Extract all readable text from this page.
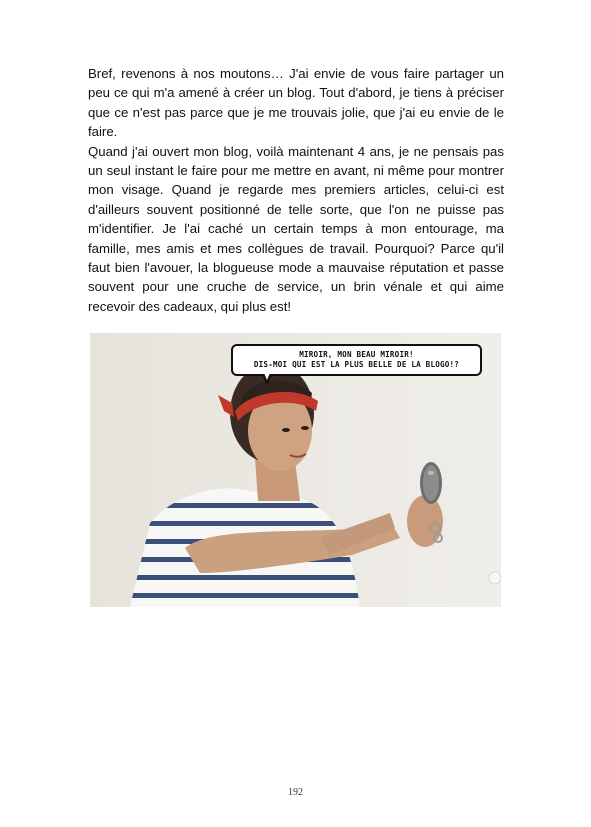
Bref, revenons à nos moutons… J'ai envie de vous faire partager un peu ce qui m'a amené à créer un blog. Tout d'abord, je tiens à préciser que ce n'est pas parce que je me trouvais jolie, que j'ai eu envie de le faire.

Quand j'ai ouvert mon blog, voilà maintenant 4 ans, je ne pensais pas un seul instant le faire pour me mettre en avant, ni même pour montrer mon visage. Quand je regarde mes premiers articles, celui-ci est d'ailleurs souvent positionné de telle sorte, que l'on ne puisse pas m'identifier. Je l'ai caché un certain temps à mon entourage, ma famille, mes amis et mes collègues de travail. Pourquoi? Parce qu'il faut bien l'avouer, la blogueuse mode a mauvaise réputation et passe souvent pour une cruche de service, un brin vénale et qui aime recevoir des cadeaux, qui plus est!

MIROIR, MON BEAU MIROIR!
DIS-MOI QUI EST LA PLUS BELLE DE LA BLOGO!?
192
